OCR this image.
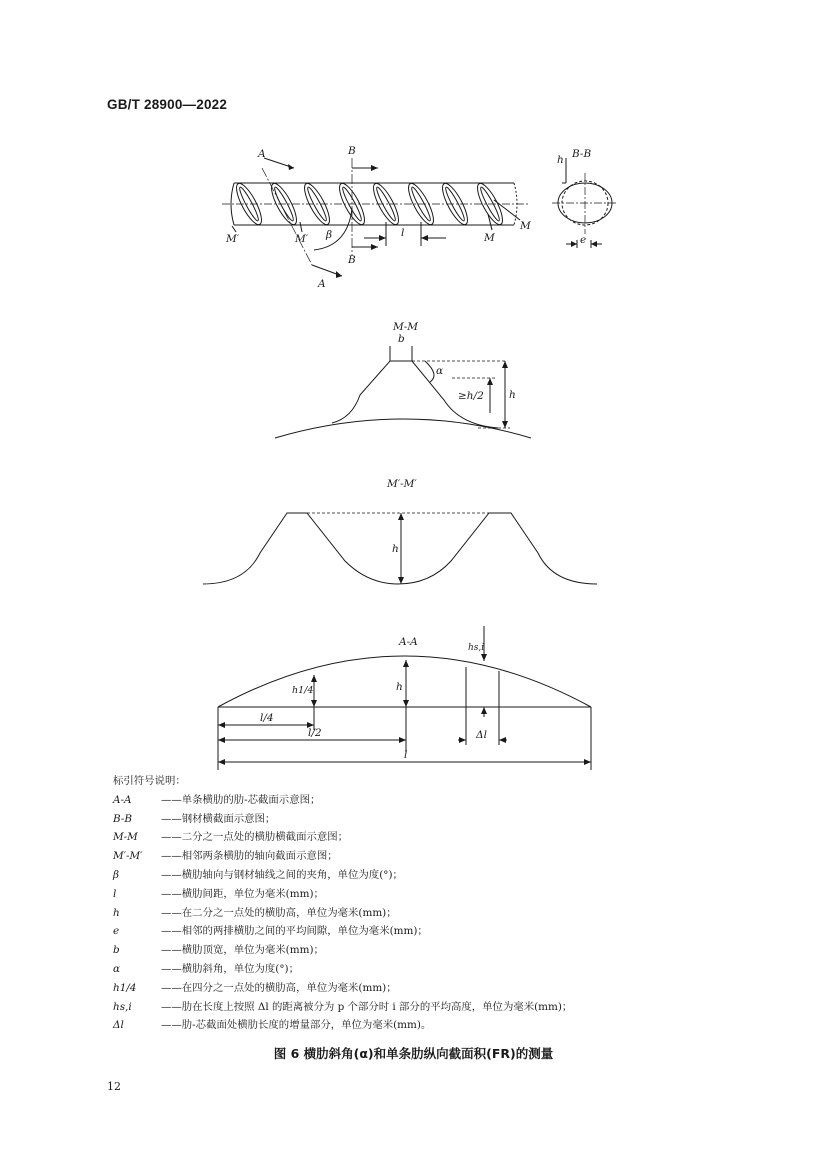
GB/T 28900—2022
A	B
B
A
M′	M′	M
M
β	l
B-B
h
e
M-M
b
α
≥h/2 h
M′-M′
h
A-A
h
h1/4
hs,i
l/4
l/2
l
Δl
标引符号说明：
A-A	——单条横肋的肋-芯截面示意图；
B-B	——钢材横截面示意图；
M-M ——二分之一点处的横肋横截面示意图；
M′-M′ ——相邻两条横肋的轴向截面示意图；
β	——横肋轴向与钢材轴线之间的夹角，单位为度(°)；
l	——横肋间距，单位为毫米(mm)；
h	——在二分之一点处的横肋高，单位为毫米(mm)；
e	——相邻的两排横肋之间的平均间隙，单位为毫米(mm)；
b	——横肋顶宽，单位为毫米(mm)；
α	——横肋斜角，单位为度(°)；
h1/4 ——在四分之一点处的横肋高，单位为毫米(mm)；
hs,i	——肋在长度上按照 Δl 的距离被分为 p 个部分时 i 部分的平均高度，单位为毫米(mm)；
Δl	——肋-芯截面处横肋长度的增量部分，单位为毫米(mm)。
图 6 横肋斜角(α)和单条肋纵向截面积(FR)的测量
12
